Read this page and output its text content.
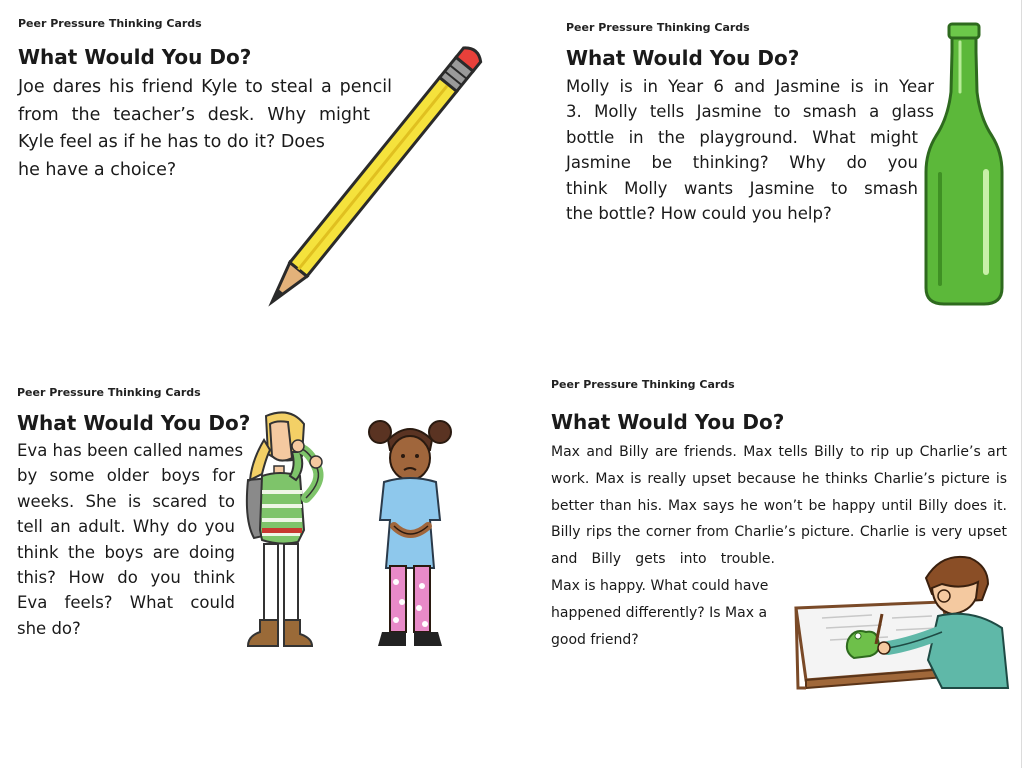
Peer Pressure Thinking Cards
What Would You Do?
Joe dares his friend Kyle to steal a pencil
from the teacher’s desk. Why might
Kyle feel as if he has to do it? Does
he have a choice?
Peer Pressure Thinking Cards
What Would You Do?
Molly is in Year 6 and Jasmine is in Year
3. Molly tells Jasmine to smash a glass
bottle in the playground. What might
Jasmine be thinking? Why do you
think Molly wants Jasmine to smash
the bottle? How could you help?
Peer Pressure Thinking Cards
What Would You Do?
Eva has been called names
by some older boys for
weeks. She is scared to
tell an adult. Why do you
think the boys are doing
this? How do you think
Eva feels? What could
she do?
Peer Pressure Thinking Cards
What Would You Do?
Max and Billy are friends. Max tells Billy to rip up Charlie’s art
work. Max is really upset because he thinks Charlie’s picture is
better than his. Max says he won’t be happy until Billy does it.
Billy rips the corner from Charlie’s picture. Charlie is very upset
and Billy gets into trouble.
Max is happy. What could have
happened differently? Is Max a
good friend?
